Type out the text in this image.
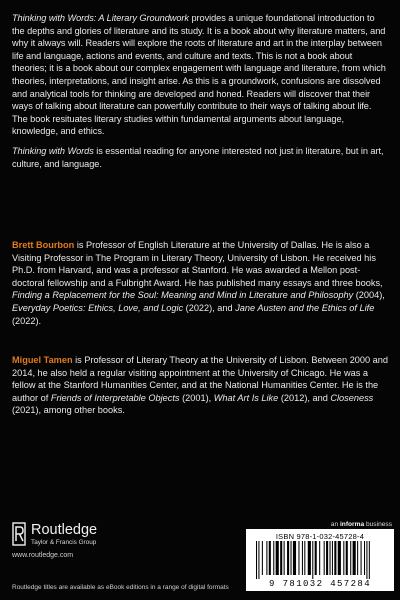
Thinking with Words: A Literary Groundwork provides a unique foundational introduction to the depths and glories of literature and its study. It is a book about why literature matters, and why it always will. Readers will explore the roots of literature and art in the interplay between life and language, actions and events, and culture and texts. This is not a book about theories; it is a book about our complex engagement with language and literature, from which theories, interpretations, and insight arise. As this is a groundwork, confusions are dissolved and analytical tools for thinking are developed and honed. Readers will discover that their ways of talking about literature can powerfully contribute to their ways of talking about life. The book resituates literary studies within fundamental arguments about language, knowledge, and ethics.

Thinking with Words is essential reading for anyone interested not just in literature, but in art, culture, and language.

Brett Bourbon is Professor of English Literature at the University of Dallas. He is also a Visiting Professor in The Program in Literary Theory, University of Lisbon. He received his Ph.D. from Harvard, and was a professor at Stanford. He was awarded a Mellon post-doctoral fellowship and a Fulbright Award. He has published many essays and three books, Finding a Replacement for the Soul: Meaning and Mind in Literature and Philosophy (2004), Everyday Poetics: Ethics, Love, and Logic (2022), and Jane Austen and the Ethics of Life (2022).
Miguel Tamen is Professor of Literary Theory at the University of Lisbon. Between 2000 and 2014, he also held a regular visiting appointment at the University of Chicago. He was a fellow at the Stanford Humanities Center, and at the National Humanities Center. He is the author of Friends of Interpretable Objects (2001), What Art Is Like (2012), and Closeness (2021), among other books.
Routledge
Taylor & Francis Group
www.routledge.com
an informa business
ISBN 978-1-032-45728-4
9 781032 457284
Routledge titles are available as eBook editions in a range of digital formats
